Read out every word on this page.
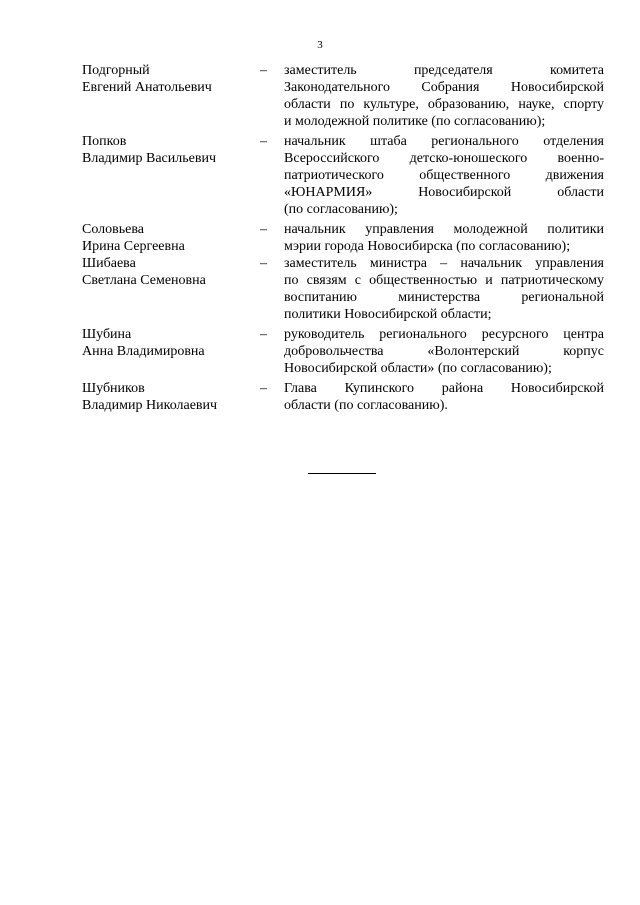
3
Подгорный
Евгений Анатольевич
–	заместитель председателя комитета
Законодательного Собрания Новосибирской
области по культуре, образованию, науке, спорту
и молодежной политике (по согласованию);
Попков
Владимир Васильевич
–	начальник штаба регионального отделения
Всероссийского детско-юношеского военно-
патриотического общественного движения
«ЮНАРМИЯ» Новосибирской области
(по согласованию);
Соловьева
Ирина Сергеевна
–	начальник управления молодежной политики
мэрии города Новосибирска (по согласованию);
Шибаева
Светлана Семеновна
–	заместитель министра – начальник управления
по связям с общественностью и патриотическому
воспитанию министерства региональной
политики Новосибирской области;
Шубина
Анна Владимировна
–	руководитель регионального ресурсного центра
добровольчества «Волонтерский корпус
Новосибирской области» (по согласованию);
Шубников
Владимир Николаевич
–	Глава Купинского района Новосибирской
области (по согласованию).
